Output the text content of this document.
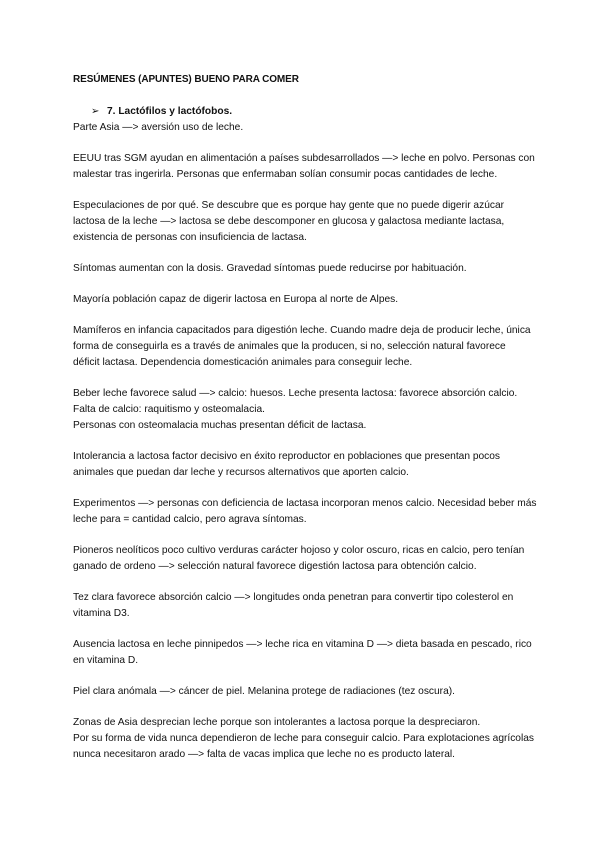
RESÚMENES (APUNTES) BUENO PARA COMER
➢ 7. Lactófilos y lactófobos.
Parte Asia —> aversión uso de leche.
EEUU tras SGM ayudan en alimentación a países subdesarrollados —> leche en polvo. Personas con
malestar tras ingerirla. Personas que enfermaban solían consumir pocas cantidades de leche.
Especulaciones de por qué. Se descubre que es porque hay gente que no puede digerir azúcar
lactosa de la leche —> lactosa se debe descomponer en glucosa y galactosa mediante lactasa,
existencia de personas con insuficiencia de lactasa.
Síntomas aumentan con la dosis. Gravedad síntomas puede reducirse por habituación.
Mayoría población capaz de digerir lactosa en Europa al norte de Alpes.
Mamíferos en infancia capacitados para digestión leche. Cuando madre deja de producir leche, única
forma de conseguirla es a través de animales que la producen, si no, selección natural favorece
déficit lactasa. Dependencia domesticación animales para conseguir leche.
Beber leche favorece salud —> calcio: huesos. Leche presenta lactosa: favorece absorción calcio.
Falta de calcio: raquitismo y osteomalacia.
Personas con osteomalacia muchas presentan déficit de lactasa.
Intolerancia a lactosa factor decisivo en éxito reproductor en poblaciones que presentan pocos
animales que puedan dar leche y recursos alternativos que aporten calcio.
Experimentos —> personas con deficiencia de lactasa incorporan menos calcio. Necesidad beber más
leche para = cantidad calcio, pero agrava síntomas.
Pioneros neolíticos poco cultivo verduras carácter hojoso y color oscuro, ricas en calcio, pero tenían
ganado de ordeno —> selección natural favorece digestión lactosa para obtención calcio.
Tez clara favorece absorción calcio —> longitudes onda penetran para convertir tipo colesterol en
vitamina D3.
Ausencia lactosa en leche pinnipedos —> leche rica en vitamina D —> dieta basada en pescado, rico
en vitamina D.
Piel clara anómala —> cáncer de piel. Melanina protege de radiaciones (tez oscura).
Zonas de Asia desprecian leche porque son intolerantes a lactosa porque la despreciaron.
Por su forma de vida nunca dependieron de leche para conseguir calcio. Para explotaciones agrícolas
nunca necesitaron arado —> falta de vacas implica que leche no es producto lateral.
